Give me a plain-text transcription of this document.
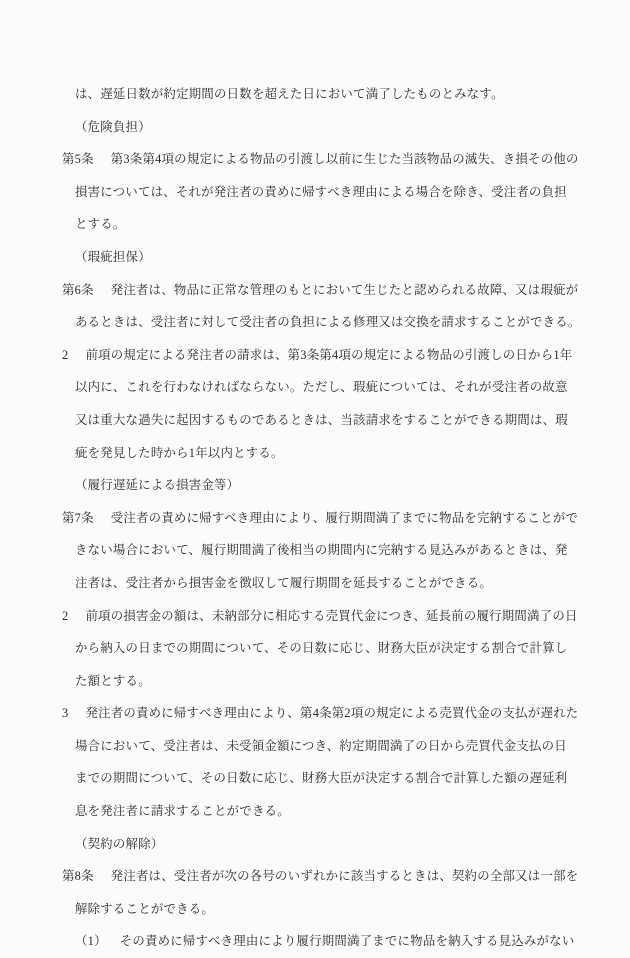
は、遅延日数が約定期間の日数を超えた日において満了したものとみなす。
（危険負担）
第5条 第3条第4項の規定による物品の引渡し以前に生じた当該物品の滅失、き損その他の
損害については、それが発注者の責めに帰すべき理由による場合を除き、受注者の負担
とする。
（瑕疵担保）
第6条 発注者は、物品に正常な管理のもとにおいて生じたと認められる故障、又は瑕疵が
あるときは、受注者に対して受注者の負担による修理又は交換を請求することができる。
2 前項の規定による発注者の請求は、第3条第4項の規定による物品の引渡しの日から1年
以内に、これを行わなければならない。ただし、瑕疵については、それが受注者の故意
又は重大な過失に起因するものであるときは、当該請求をすることができる期間は、瑕
疵を発見した時から1年以内とする。
（履行遅延による損害金等）
第7条 受注者の責めに帰すべき理由により、履行期間満了までに物品を完納することがで
きない場合において、履行期間満了後相当の期間内に完納する見込みがあるときは、発
注者は、受注者から損害金を徴収して履行期間を延長することができる。
2 前項の損害金の額は、未納部分に相応する売買代金につき、延長前の履行期間満了の日
から納入の日までの期間について、その日数に応じ、財務大臣が決定する割合で計算し
た額とする。
3 発注者の責めに帰すべき理由により、第4条第2項の規定による売買代金の支払が遅れた
場合において、受注者は、未受領金額につき、約定期間満了の日から売買代金支払の日
までの期間について、その日数に応じ、財務大臣が決定する割合で計算した額の遅延利
息を発注者に請求することができる。
（契約の解除）
第8条 発注者は、受注者が次の各号のいずれかに該当するときは、契約の全部又は一部を
解除することができる。
（1） その責めに帰すべき理由により履行期間満了までに物品を納入する見込みがない
